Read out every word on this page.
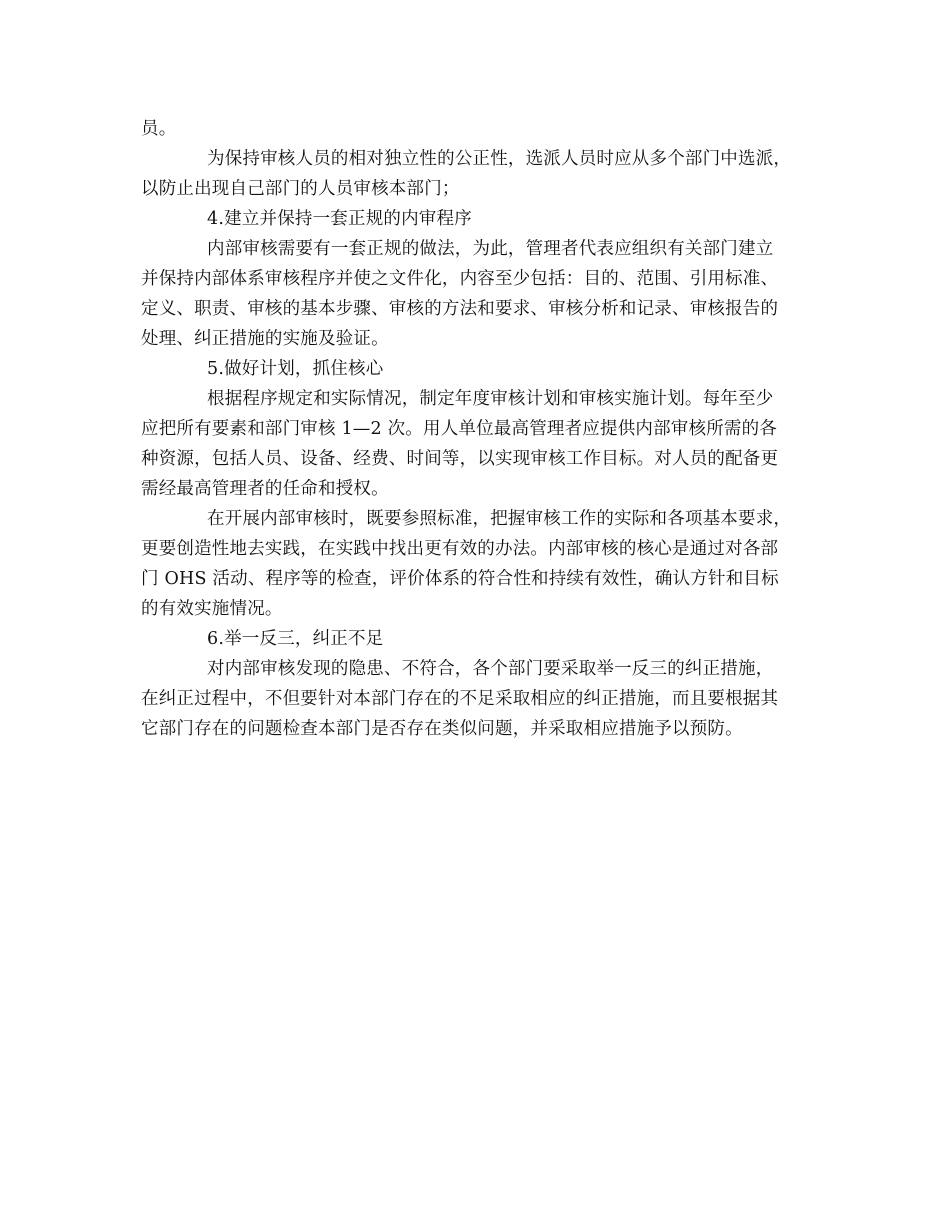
员。
为保持审核人员的相对独立性的公正性，选派人员时应从多个部门中选派，
以防止出现自己部门的人员审核本部门；
4.建立并保持一套正规的内审程序
内部审核需要有一套正规的做法，为此，管理者代表应组织有关部门建立
并保持内部体系审核程序并使之文件化，内容至少包括：目的、范围、引用标准、
定义、职责、审核的基本步骤、审核的方法和要求、审核分析和记录、审核报告的
处理、纠正措施的实施及验证。
5.做好计划，抓住核心
根据程序规定和实际情况，制定年度审核计划和审核实施计划。每年至少
应把所有要素和部门审核 1—2 次。用人单位最高管理者应提供内部审核所需的各
种资源，包括人员、设备、经费、时间等，以实现审核工作目标。对人员的配备更
需经最高管理者的任命和授权。
在开展内部审核时，既要参照标准，把握审核工作的实际和各项基本要求，
更要创造性地去实践，在实践中找出更有效的办法。内部审核的核心是通过对各部
门 OHS 活动、程序等的检查，评价体系的符合性和持续有效性，确认方针和目标
的有效实施情况。
6.举一反三，纠正不足
对内部审核发现的隐患、不符合，各个部门要采取举一反三的纠正措施，
在纠正过程中，不但要针对本部门存在的不足采取相应的纠正措施，而且要根据其
它部门存在的问题检查本部门是否存在类似问题，并采取相应措施予以预防。
